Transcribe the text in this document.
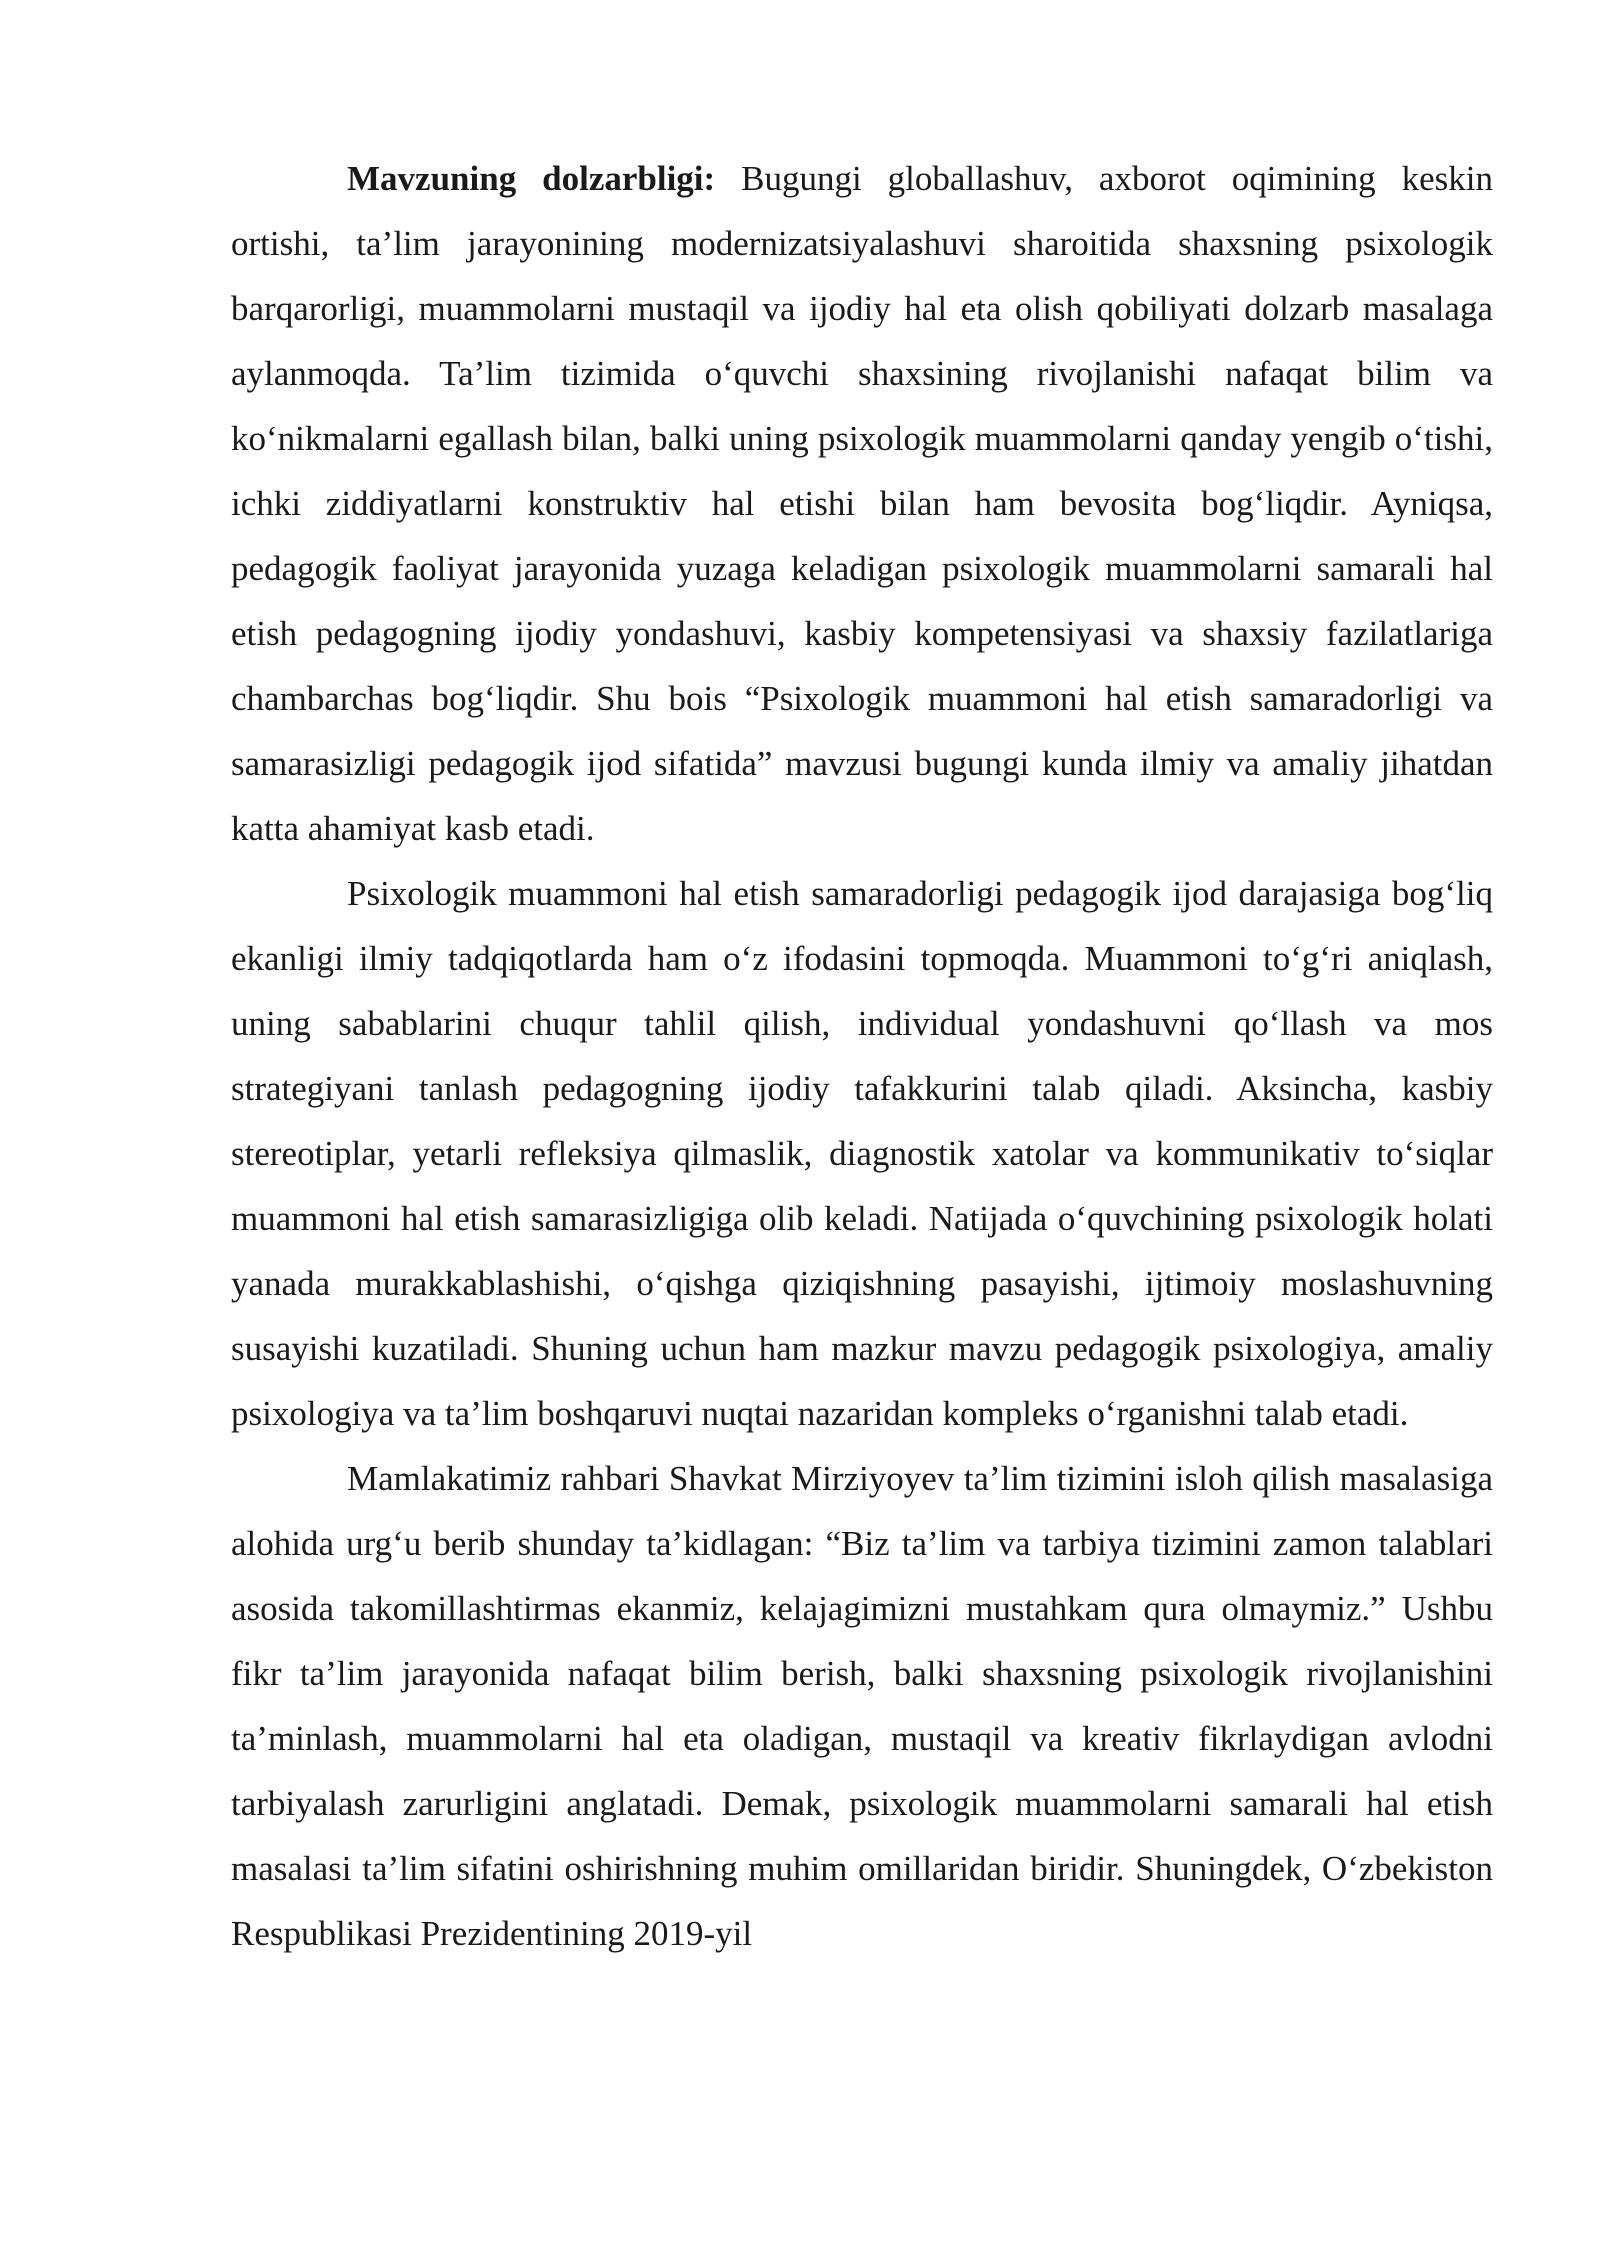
Mavzuning dolzarbligi: Bugungi globallashuv, axborot oqimining keskin ortishi, ta’lim jarayonining modernizatsiyalashuvi sharoitida shaxsning psixologik barqarorligi, muammolarni mustaqil va ijodiy hal eta olish qobiliyati dolzarb masalaga aylanmoqda. Ta’lim tizimida o‘quvchi shaxsining rivojlanishi nafaqat bilim va ko‘nikmalarni egallash bilan, balki uning psixologik muammolarni qanday yengib o‘tishi, ichki ziddiyatlarni konstruktiv hal etishi bilan ham bevosita bog‘liqdir. Ayniqsa, pedagogik faoliyat jarayonida yuzaga keladigan psixologik muammolarni samarali hal etish pedagogning ijodiy yondashuvi, kasbiy kompetensiyasi va shaxsiy fazilatlariga chambarchas bog‘liqdir. Shu bois “Psixologik muammoni hal etish samaradorligi va samarasizligi pedagogik ijod sifatida” mavzusi bugungi kunda ilmiy va amaliy jihatdan katta ahamiyat kasb etadi.

Psixologik muammoni hal etish samaradorligi pedagogik ijod darajasiga bog‘liq ekanligi ilmiy tadqiqotlarda ham o‘z ifodasini topmoqda. Muammoni to‘g‘ri aniqlash, uning sabablarini chuqur tahlil qilish, individual yondashuvni qo‘llash va mos strategiyani tanlash pedagogning ijodiy tafakkurini talab qiladi. Aksincha, kasbiy stereotiplar, yetarli refleksiya qilmaslik, diagnostik xatolar va kommunikativ to‘siqlar muammoni hal etish samarasizligiga olib keladi. Natijada o‘quvchining psixologik holati yanada murakkablashishi, o‘qishga qiziqishning pasayishi, ijtimoiy moslashuvning susayishi kuzatiladi. Shuning uchun ham mazkur mavzu pedagogik psixologiya, amaliy psixologiya va ta’lim boshqaruvi nuqtai nazaridan kompleks o‘rganishni talab etadi.

Mamlakatimiz rahbari Shavkat Mirziyoyev ta’lim tizimini isloh qilish masalasiga alohida urg‘u berib shunday ta’kidlagan: “Biz ta’lim va tarbiya tizimini zamon talablari asosida takomillashtirmas ekanmiz, kelajagimizni mustahkam qura olmaymiz.” Ushbu fikr ta’lim jarayonida nafaqat bilim berish, balki shaxsning psixologik rivojlanishini ta’minlash, muammolarni hal eta oladigan, mustaqil va kreativ fikrlaydigan avlodni tarbiyalash zarurligini anglatadi. Demak, psixologik muammolarni samarali hal etish masalasi ta’lim sifatini oshirishning muhim omillaridan biridir. Shuningdek, O‘zbekiston Respublikasi Prezidentining 2019-yil
